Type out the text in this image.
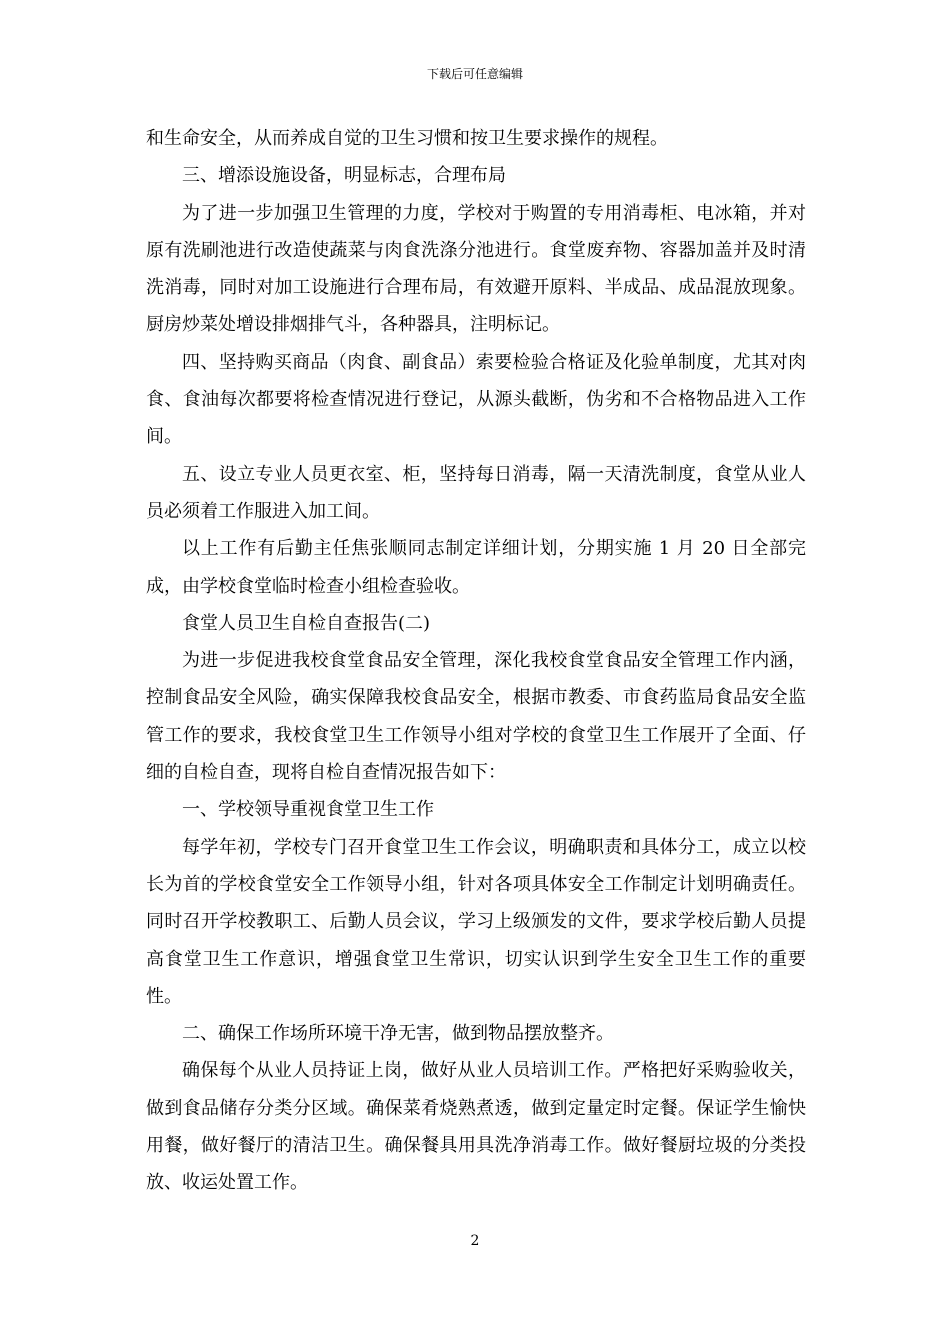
下载后可任意编辑

和生命安全，从而养成自觉的卫生习惯和按卫生要求操作的规程。

三、增添设施设备，明显标志，合理布局

为了进一步加强卫生管理的力度，学校对于购置的专用消毒柜、电冰箱，并对原有洗刷池进行改造使蔬菜与肉食洗涤分池进行。食堂废弃物、容器加盖并及时清洗消毒，同时对加工设施进行合理布局，有效避开原料、半成品、成品混放现象。厨房炒菜处增设排烟排气斗，各种器具，注明标记。

四、坚持购买商品（肉食、副食品）索要检验合格证及化验单制度，尤其对肉食、食油每次都要将检查情况进行登记，从源头截断，伪劣和不合格物品进入工作间。

五、设立专业人员更衣室、柜，坚持每日消毒，隔一天清洗制度，食堂从业人员必须着工作服进入加工间。

以上工作有后勤主任焦张顺同志制定详细计划，分期实施 1 月 20 日全部完成，由学校食堂临时检查小组检查验收。

食堂人员卫生自检自查报告(二)

为进一步促进我校食堂食品安全管理，深化我校食堂食品安全管理工作内涵，控制食品安全风险，确实保障我校食品安全，根据市教委、市食药监局食品安全监管工作的要求，我校食堂卫生工作领导小组对学校的食堂卫生工作展开了全面、仔细的自检自查，现将自检自查情况报告如下：

一、学校领导重视食堂卫生工作

每学年初，学校专门召开食堂卫生工作会议，明确职责和具体分工，成立以校长为首的学校食堂安全工作领导小组，针对各项具体安全工作制定计划明确责任。同时召开学校教职工、后勤人员会议，学习上级颁发的文件，要求学校后勤人员提高食堂卫生工作意识，增强食堂卫生常识，切实认识到学生安全卫生工作的重要性。

二、确保工作场所环境干净无害，做到物品摆放整齐。

确保每个从业人员持证上岗，做好从业人员培训工作。严格把好采购验收关，做到食品储存分类分区域。确保菜肴烧熟煮透，做到定量定时定餐。保证学生愉快用餐，做好餐厅的清洁卫生。确保餐具用具洗净消毒工作。做好餐厨垃圾的分类投放、收运处置工作。

2
